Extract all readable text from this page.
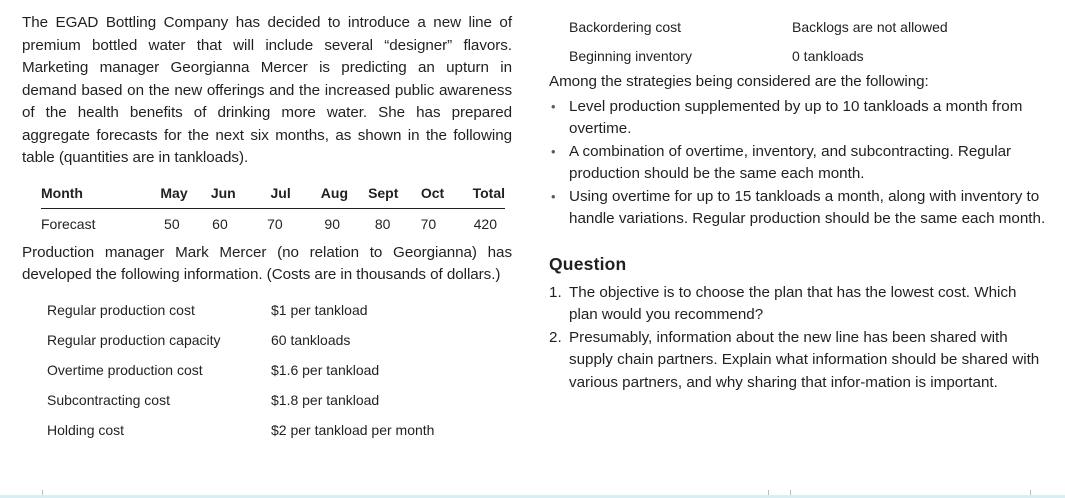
The EGAD Bottling Company has decided to introduce a new line of premium bottled water that will include several “designer” flavors. Marketing manager Georgianna Mercer is predicting an upturn in demand based on the new offerings and the increased public awareness of the health benefits of drinking more water. She has prepared aggregate forecasts for the next six months, as shown in the following table (quantities are in tankloads).

Month	May	Jun	Jul	Aug	Sept	Oct	Total
Forecast	50	60	70	90	80	70	420

Production manager Mark Mercer (no relation to Georgianna) has developed the following information. (Costs are in thousands of dollars.)

Regular production cost	$1 per tankload
Regular production capacity	60 tankloads
Overtime production cost	$1.6 per tankload
Subcontracting cost	$1.8 per tankload
Holding cost	$2 per tankload per month
Backordering cost	Backlogs are not allowed
Beginning inventory	0 tankloads

Among the strategies being considered are the following:

• Level production supplemented by up to 10 tankloads a month from overtime.
• A combination of overtime, inventory, and subcontracting. Regular production should be the same each month.
• Using overtime for up to 15 tankloads a month, along with inventory to handle variations. Regular production should be the same each month.
Question
1. The objective is to choose the plan that has the lowest cost. Which plan would you recommend?
2. Presumably, information about the new line has been shared with supply chain partners. Explain what information should be shared with various partners, and why sharing that infor-mation is important.
